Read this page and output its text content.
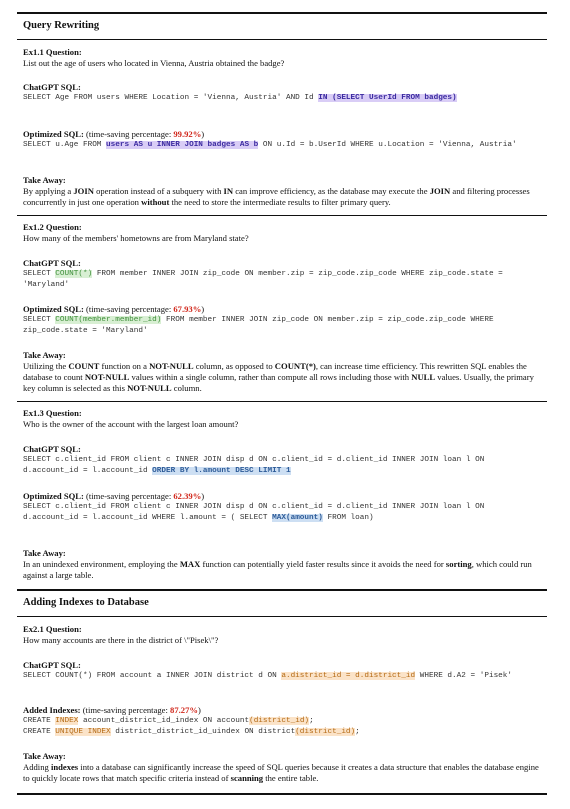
Query Rewriting
Ex1.1 Question:
List out the age of users who located in Vienna, Austria obtained the badge?
ChatGPT SQL:
SELECT Age FROM users WHERE Location = 'Vienna, Austria' AND Id IN (SELECT UserId FROM badges)
Optimized SQL: (time-saving percentage: 99.92%)
SELECT u.Age FROM users AS u INNER JOIN badges AS b ON u.Id = b.UserId WHERE u.Location = 'Vienna, Austria'
Take Away:
By applying a JOIN operation instead of a subquery with IN can improve efficiency, as the database may execute the JOIN and filtering processes concurrently in just one operation without the need to store the intermediate results to filter primary query.
Ex1.2 Question:
How many of the members' hometowns are from Maryland state?
ChatGPT SQL:
SELECT COUNT(*) FROM member INNER JOIN zip_code ON member.zip = zip_code.zip_code WHERE zip_code.state = 'Maryland'
Optimized SQL: (time-saving percentage: 67.93%)
SELECT COUNT(member.member_id) FROM member INNER JOIN zip_code ON member.zip = zip_code.zip_code WHERE zip_code.state = 'Maryland'
Take Away:
Utilizing the COUNT function on a NOT-NULL column, as opposed to COUNT(*), can increase time efficiency. This rewritten SQL enables the database to count NOT-NULL values within a single column, rather than compute all rows including those with NULL values. Usually, the primary key column is selected as this NOT-NULL column.
Ex1.3 Question:
Who is the owner of the account with the largest loan amount?
ChatGPT SQL:
SELECT c.client_id FROM client c INNER JOIN disp d ON c.client_id = d.client_id INNER JOIN loan l ON d.account_id = l.account_id ORDER BY l.amount DESC LIMIT 1
Optimized SQL: (time-saving percentage: 62.39%)
SELECT c.client_id FROM client c INNER JOIN disp d ON c.client_id = d.client_id INNER JOIN loan l ON d.account_id = l.account_id WHERE l.amount = ( SELECT MAX(amount) FROM loan)
Take Away:
In an unindexed environment, employing the MAX function can potentially yield faster results since it avoids the need for sorting, which could run against a large table.
Adding Indexes to Database
Ex2.1 Question:
How many accounts are there in the district of \"Pisek\"?
ChatGPT SQL:
SELECT COUNT(*) FROM account a INNER JOIN district d ON a.district_id = d.district_id WHERE d.A2 = 'Pisek'
Added Indexes: (time-saving percentage: 87.27%)
CREATE INDEX account_district_id_index ON account(district_id);
CREATE UNIQUE INDEX district_district_id_uindex ON district(district_id);
Take Away:
Adding indexes into a database can significantly increase the speed of SQL queries because it creates a data structure that enables the database engine to quickly locate rows that match specific criteria instead of scanning the entire table.
